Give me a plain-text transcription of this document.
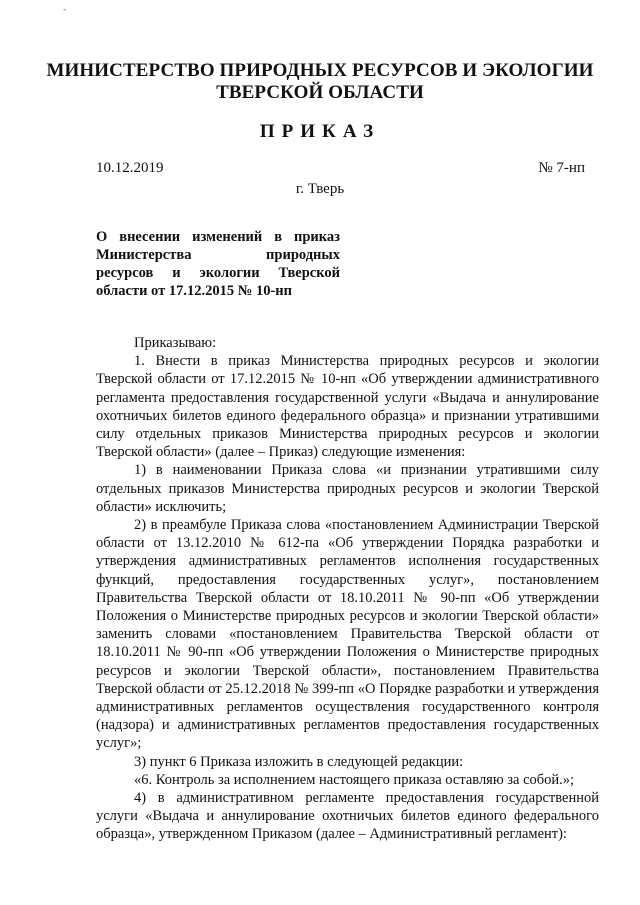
-
МИНИСТЕРСТВО ПРИРОДНЫХ РЕСУРСОВ И ЭКОЛОГИИ
ТВЕРСКОЙ ОБЛАСТИ
ПРИКАЗ
10.12.2019	№ 7-нп
г. Тверь
О внесении изменений в приказ
Министерства природных
ресурсов и экологии Тверской
области от 17.12.2015 № 10-нп

Приказываю:

1. Внести в приказ Министерства природных ресурсов и экологии Тверской области от 17.12.2015 № 10-нп «Об утверждении административного регламента предоставления государственной услуги «Выдача и аннулирование охотничьих билетов единого федерального образца» и признании утратившими силу отдельных приказов Министерства природных ресурсов и экологии Тверской области» (далее – Приказ) следующие изменения:

1) в наименовании Приказа слова «и признании утратившими силу отдельных приказов Министерства природных ресурсов и экологии Тверской области» исключить;

2) в преамбуле Приказа слова «постановлением Администрации Тверской области от 13.12.2010 № 612-па «Об утверждении Порядка разработки и утверждения административных регламентов исполнения государственных функций, предоставления государственных услуг», постановлением Правительства Тверской области от 18.10.2011 № 90-пп «Об утверждении Положения о Министерстве природных ресурсов и экологии Тверской области» заменить словами «постановлением Правительства Тверской области от 18.10.2011 № 90-пп «Об утверждении Положения о Министерстве природных ресурсов и экологии Тверской области», постановлением Правительства Тверской области от 25.12.2018 № 399-пп «О Порядке разработки и утверждения административных регламентов осуществления государственного контроля (надзора) и административных регламентов предоставления государственных услуг»;

3) пункт 6 Приказа изложить в следующей редакции:

«6. Контроль за исполнением настоящего приказа оставляю за собой.»;

4) в административном регламенте предоставления государственной услуги «Выдача и аннулирование охотничьих билетов единого федерального образца», утвержденном Приказом (далее – Административный регламент):
